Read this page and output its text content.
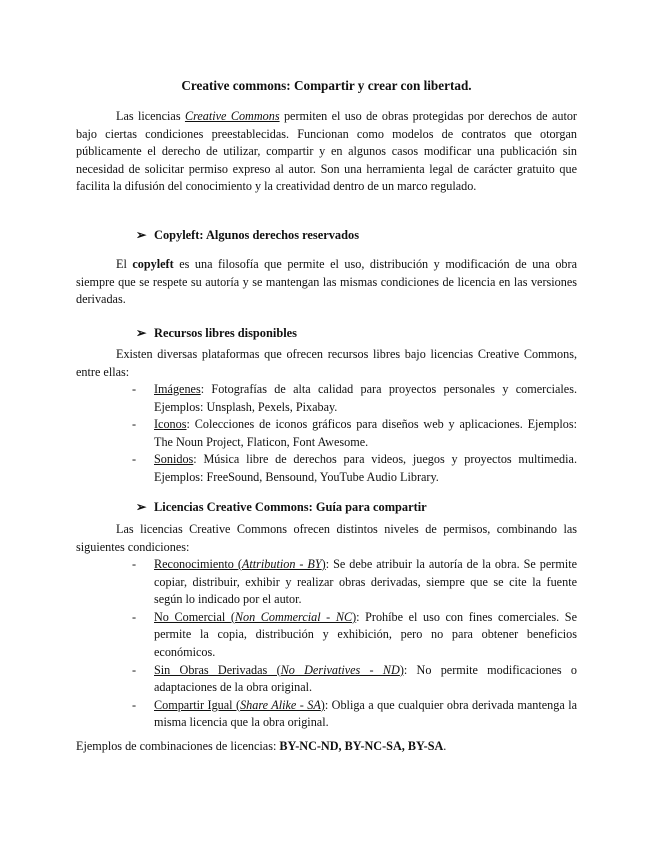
Creative commons: Compartir y crear con libertad.

Las licencias Creative Commons permiten el uso de obras protegidas por derechos de autor bajo ciertas condiciones preestablecidas. Funcionan como modelos de contratos que otorgan públicamente el derecho de utilizar, compartir y en algunos casos modificar una publicación sin necesidad de solicitar permiso expreso al autor. Son una herramienta legal de carácter gratuito que facilita la difusión del conocimiento y la creatividad dentro de un marco regulado.

➢ Copyleft: Algunos derechos reservados

El copyleft es una filosofía que permite el uso, distribución y modificación de una obra siempre que se respete su autoría y se mantengan las mismas condiciones de licencia en las versiones derivadas.

➢ Recursos libres disponibles

Existen diversas plataformas que ofrecen recursos libres bajo licencias Creative Commons, entre ellas:

- Imágenes: Fotografías de alta calidad para proyectos personales y comerciales. Ejemplos: Unsplash, Pexels, Pixabay.
- Iconos: Colecciones de iconos gráficos para diseños web y aplicaciones. Ejemplos: The Noun Project, Flaticon, Font Awesome.
- Sonidos: Música libre de derechos para videos, juegos y proyectos multimedia. Ejemplos: FreeSound, Bensound, YouTube Audio Library.
➢ Licencias Creative Commons: Guía para compartir

Las licencias Creative Commons ofrecen distintos niveles de permisos, combinando las siguientes condiciones:

- Reconocimiento (Attribution - BY): Se debe atribuir la autoría de la obra. Se permite copiar, distribuir, exhibir y realizar obras derivadas, siempre que se cite la fuente según lo indicado por el autor.
- No Comercial (Non Commercial - NC): Prohíbe el uso con fines comerciales. Se permite la copia, distribución y exhibición, pero no para obtener beneficios económicos.
- Sin Obras Derivadas (No Derivatives - ND): No permite modificaciones o adaptaciones de la obra original.
- Compartir Igual (Share Alike - SA): Obliga a que cualquier obra derivada mantenga la misma licencia que la obra original.

Ejemplos de combinaciones de licencias: BY-NC-ND, BY-NC-SA, BY-SA.
